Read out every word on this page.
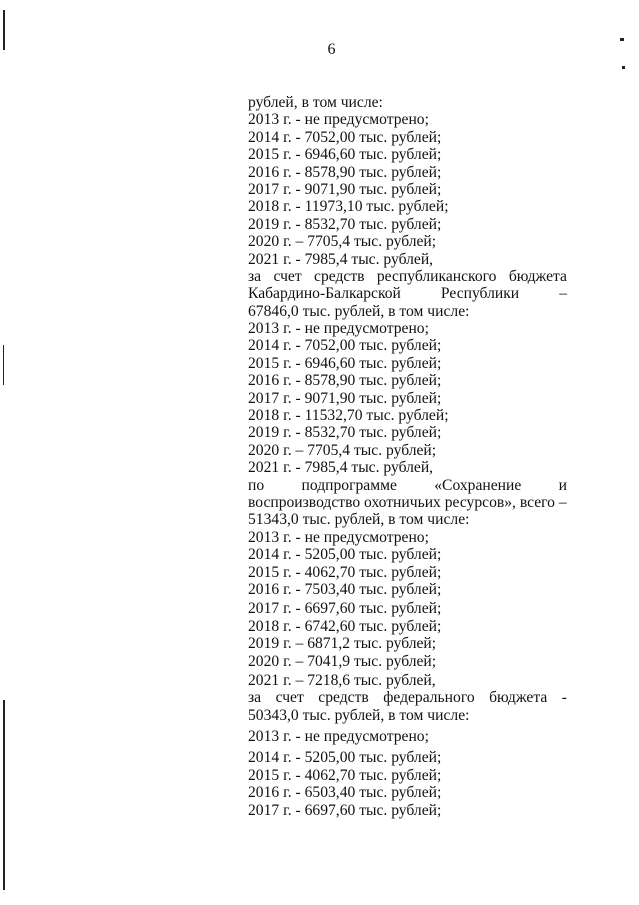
6
рублей, в том числе:
2013 г. - не предусмотрено;
2014 г. - 7052,00 тыс. рублей;
2015 г. - 6946,60 тыс. рублей;
2016 г. - 8578,90 тыс. рублей;
2017 г. - 9071,90 тыс. рублей;
2018 г. - 11973,10 тыс. рублей;
2019 г. - 8532,70 тыс. рублей;
2020 г. – 7705,4 тыс. рублей;
2021 г. - 7985,4 тыс. рублей,
за счет средств республиканского бюджета
Кабардино-Балкарской	Республики	–
67846,0 тыс. рублей, в том числе:
2013 г. - не предусмотрено;
2014 г. - 7052,00 тыс. рублей;
2015 г. - 6946,60 тыс. рублей;
2016 г. - 8578,90 тыс. рублей;
2017 г. - 9071,90 тыс. рублей;
2018 г. - 11532,70 тыс. рублей;
2019 г. - 8532,70 тыс. рублей;
2020 г. – 7705,4 тыс. рублей;
2021 г. - 7985,4 тыс. рублей,
по подпрограмме «Сохранение и
воспроизводство охотничьих ресурсов», всего –
51343,0 тыс. рублей, в том числе:
2013 г. - не предусмотрено;
2014 г. - 5205,00 тыс. рублей;
2015 г. - 4062,70 тыс. рублей;
2016 г. - 7503,40 тыс. рублей;
2017 г. - 6697,60 тыс. рублей;
2018 г. - 6742,60 тыс. рублей;
2019 г. – 6871,2 тыс. рублей;
2020 г. – 7041,9 тыс. рублей;
2021 г. – 7218,6 тыс. рублей,
за счет средств федерального бюджета -
50343,0 тыс. рублей, в том числе:
2013 г. - не предусмотрено;
2014 г. - 5205,00 тыс. рублей;
2015 г. - 4062,70 тыс. рублей;
2016 г. - 6503,40 тыс. рублей;
2017 г. - 6697,60 тыс. рублей;
